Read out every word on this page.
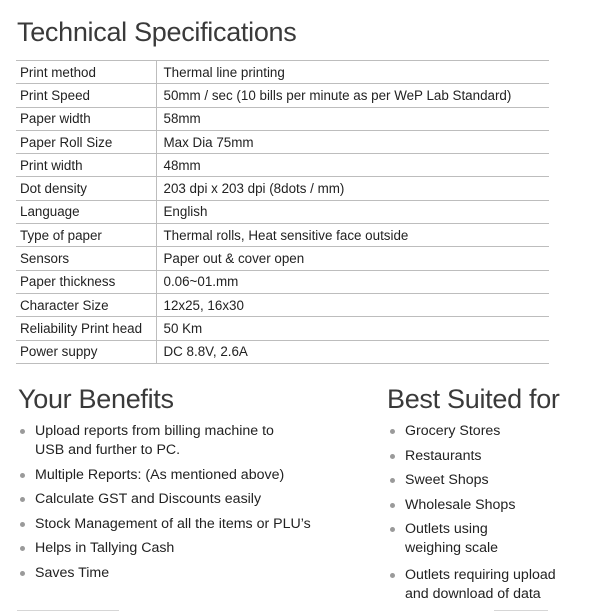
Technical Specifications
Print method	Thermal line printing
Print Speed	50mm / sec (10 bills per minute as per WeP Lab Standard)
Paper width	58mm
Paper Roll Size	Max Dia 75mm
Print width	48mm
Dot density	203 dpi x 203 dpi (8dots / mm)
Language	English
Type of paper	Thermal rolls, Heat sensitive face outside
Sensors	Paper out & cover open
Paper thickness	0.06~01.mm
Character Size	12x25, 16x30
Reliability Print head	50 Km
Power suppy	DC 8.8V, 2.6A
Your Benefits
Upload reports from billing machine to
USB and further to PC.
Multiple Reports: (As mentioned above)
Calculate GST and Discounts easily
Stock Management of all the items or PLU’s
Helps in Tallying Cash
Saves Time
Best Suited for
Grocery Stores
Restaurants
Sweet Shops
Wholesale Shops
Outlets using
weighing scale
Outlets requiring upload
and download of data
